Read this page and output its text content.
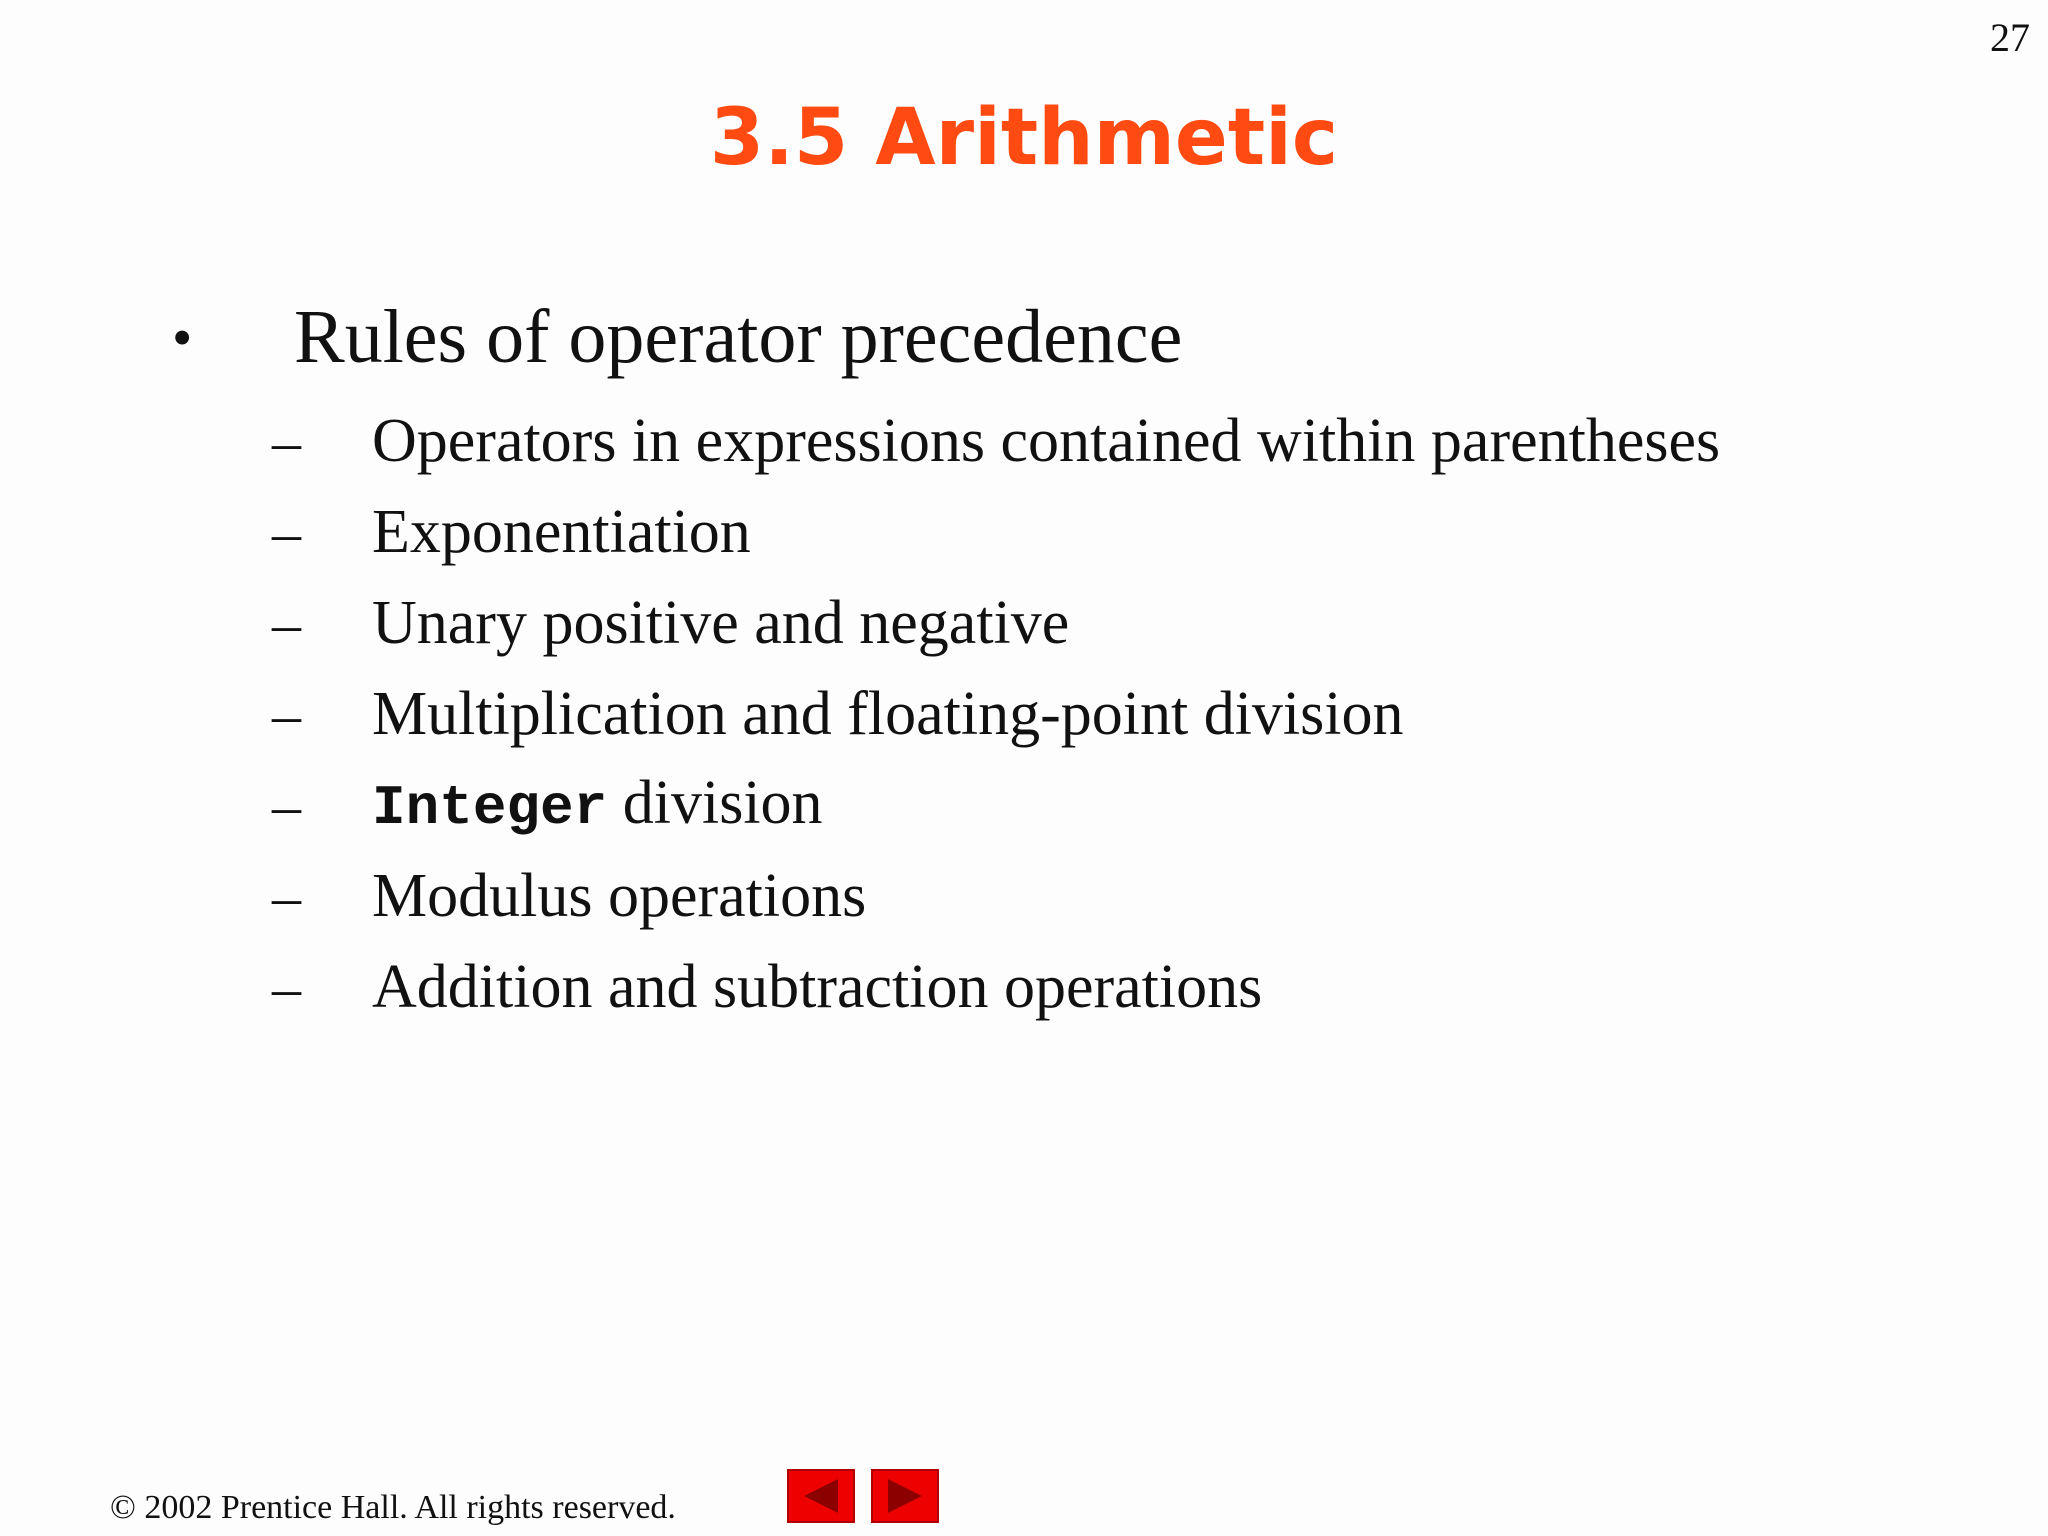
27
3.5 Arithmetic
•	Rules of operator precedence
–	Operators in expressions contained within parentheses
–	Exponentiation
–	Unary positive and negative
–	Multiplication and floating-point division
–	Integer division
–	Modulus operations
–	Addition and subtraction operations
© 2002 Prentice Hall. All rights reserved.
